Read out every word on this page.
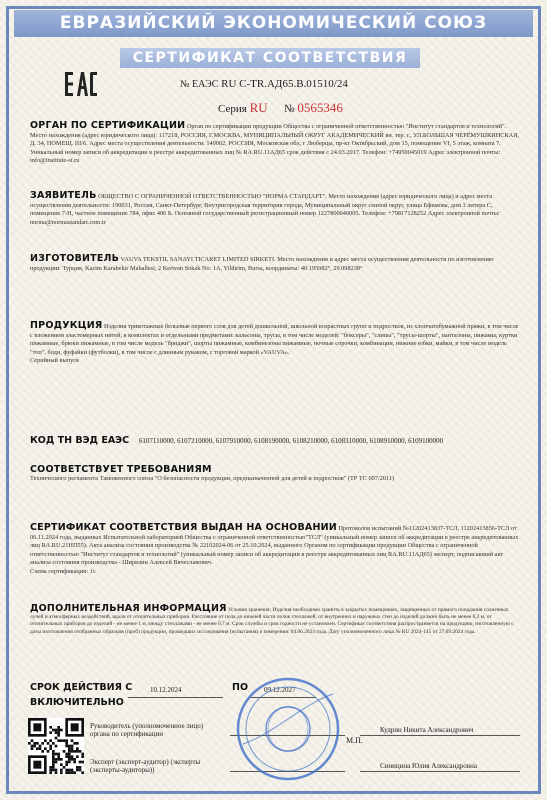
ЕВРАЗИЙСКИЙ ЭКОНОМИЧЕСКИЙ СОЮЗ
СЕРТИФИКАТ СООТВЕТСТВИЯ
№ ЕАЭС RU С-TR.АД65.В.01510/24
Серия RU № 0565346
ОРГАН ПО СЕРТИФИКАЦИИ Орган по сертификации продукции Общества с ограниченной ответственностью "Институт стандартов и технологий". Место нахождения (адрес юридического лица): 117218, РОССИЯ, Г.МОСКВА, МУНИЦИПАЛЬНЫЙ ОКРУГ АКАДЕМИЧЕСКИЙ вн. тер. г., УЛ.БОЛЬШАЯ ЧЕРЁМУШКИНСКАЯ, Д. 34, ПОМЕЩ. III/6. Адрес места осуществления деятельности: 140002, РОССИЯ, Московская обл, г Люберцы, пр-кт Октябрьский, дом 15, помещение VI, 5 этаж, комната 7. Уникальный номер записи об аккредитации в реестре аккредитованных лиц № RA.RU.11АД65 срок действия с 24.03.2017. Телефон: +74950045019 Адрес электронной почты: info@institute-st.ru
ЗАЯВИТЕЛЬ ОБЩЕСТВО С ОГРАНИЧЕННОЙ ОТВЕТСТВЕННОСТЬЮ "НОРМА СТАНДАРТ". Место нахождения (адрес юридического лица) и адрес места осуществления деятельности: 190031, Россия, Санкт-Петербург, Внутригородская территория города, Муниципальный округ сенной округ, улица Ефимова, дом 3 литера С, помещение 7-Н, частное помещение 784, офис 406 Б. Основной государственный регистрационный номер 1227800040005. Телефон: +79817128252 Адрес электронной почты: norma@normastandart.com.tr
ИЗГОТОВИТЕЛЬ VAUVA TEKSTIL SANAYI TICARET LIMITED SIRKETI. Место нахождения и адрес места осуществления деятельности по изготовлению продукции: Турция, Kazim Karabekir Mahallesi, 2 Kertvan Sokak No: 1A, Yildirim, Bursa, координаты: 40.195982°, 29.098238°
ПРОДУКЦИЯ Изделия трикотажные бельевые первого слоя для детей дошкольной, школьной возрастных групп и подростков, из хлопчатобумажной пряжи, в том числе с вложением эластомерных нитей, в комплектах и отдельными предметами: кальсоны, трусы, в том числе моделей: "боксеры", "слипы", "трусы-шорты", панталоны, пижамы, куртки пижамные, брюки пижамные, в том числе модель "бриджи", шорты пижамные, комбинезоны пижамные, ночные сорочки, комбинации, нижние юбки, майки, в том числе модель "топ", боди, фуфайки (футболки), в том числе с длинным рукавом, с торговой маркой «VAUVA».
Серийный выпуск
КОД ТН ВЭД ЕАЭС 6107110000, 6107210000, 6107910000, 6108190000, 6108210000, 6108310000, 6108910000, 6109100000
СООТВЕТСТВУЕТ ТРЕБОВАНИЯМ
Технического регламента Таможенного союза "О безопасности продукции, предназначенной для детей и подростков" (ТР ТС 007/2011)
СЕРТИФИКАТ СООТВЕТСТВИЯ ВЫДАН НА ОСНОВАНИИ Протоколов испытаний №11202413837-ТСЛ, 11202413856-ТСЛ от 06.11.2024 года, выданных Испытательной лабораторией Общества с ограниченной ответственностью"ТСЛ" (уникальный номер записи об аккредитации в реестре аккредитованных лиц RA.RU.21НП55). Акта анализа состояния производства № 22102024-06 от 25.10.2024, выданного Органом по сертификации продукции Общества с ограниченной ответственностью "Институт стандартов и технологий" (уникальный номер записи об аккредитации в реестре аккредитованных лиц RA.RU.11АД65) эксперт, подписавший акт анализа состояния производства - Ширялин Алексей Вячеславович.
Схема сертификации: 1с
ДОПОЛНИТЕЛЬНАЯ ИНФОРМАЦИЯ Условия хранения: Изделия необходимо хранить в закрытых помещениях, защищенных от прямого попадания солнечных лучей и атмосферных воздействий, вдали от отопительных приборов. Расстояние от пола до нижней части полок стеллажей, от внутренних и наружных стен до изделий должно быть не менее 0,2 м, от отопительных приборов до изделий - не менее 1 м, между стеллажами - не менее 0,7 м. Срок службы и срок годности не установлен. Сертификат соответствия распространяется на продукцию, изготовленную с даты изготовления отобранных образцов (проб) продукции, прошедших исследования (испытания) и измерения: 04.06.2024 года. Дату уполномоченного лица № RU 2024-145 от 27.09.2024 года.
СРОК ДЕЙСТВИЯ С	10.12.2024	ПО 09.12.2027
ВКЛЮЧИТЕЛЬНО
Руководитель (уполномоченное лицо) органа по сертификации	Кудрин Никита Александрович
М.П.
Эксперт (эксперт-аудитор) (эксперты (эксперты-аудиторы))	Синицина Юлия Александровна
